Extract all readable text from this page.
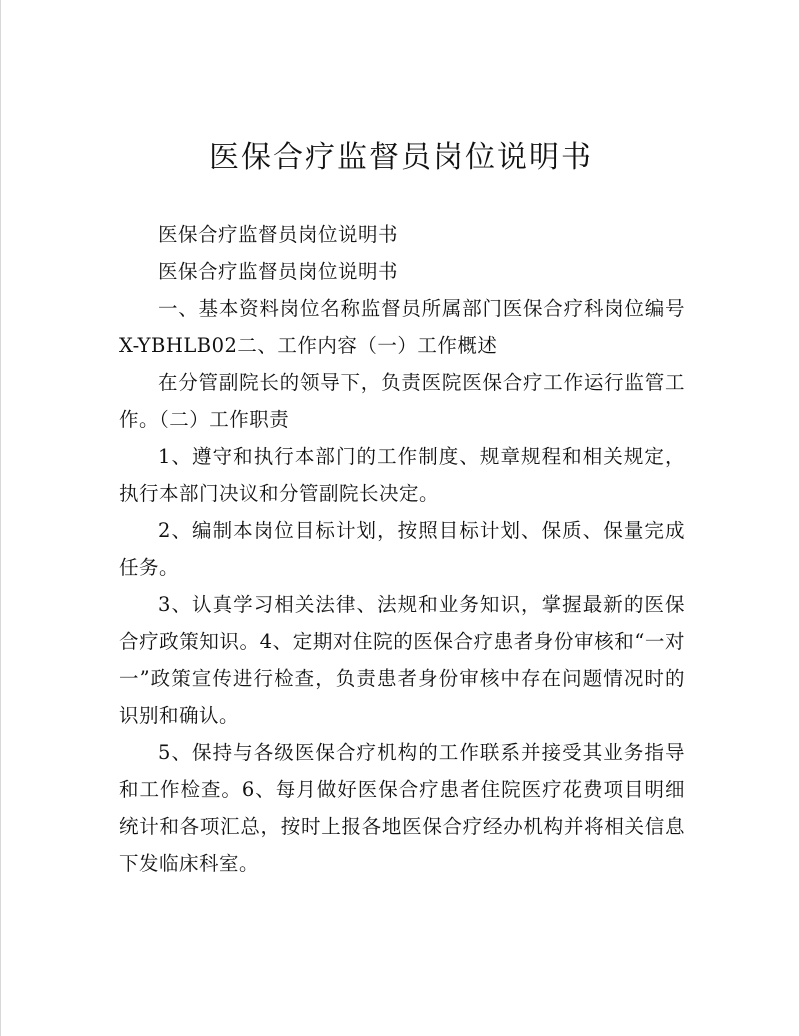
医保合疗监督员岗位说明书

医保合疗监督员岗位说明书

医保合疗监督员岗位说明书

一、基本资料岗位名称监督员所属部门医保合疗科岗位编号X-YBHLB02二、工作内容（一）工作概述

在分管副院长的领导下，负责医院医保合疗工作运行监管工作。（二）工作职责

1、遵守和执行本部门的工作制度、规章规程和相关规定，执行本部门决议和分管副院长决定。

2、编制本岗位目标计划，按照目标计划、保质、保量完成任务。

3、认真学习相关法律、法规和业务知识，掌握最新的医保合疗政策知识。4、定期对住院的医保合疗患者身份审核和“一对一”政策宣传进行检查，负责患者身份审核中存在问题情况时的识别和确认。

5、保持与各级医保合疗机构的工作联系并接受其业务指导和工作检查。6、每月做好医保合疗患者住院医疗花费项目明细统计和各项汇总，按时上报各地医保合疗经办机构并将相关信息下发临床科室。
